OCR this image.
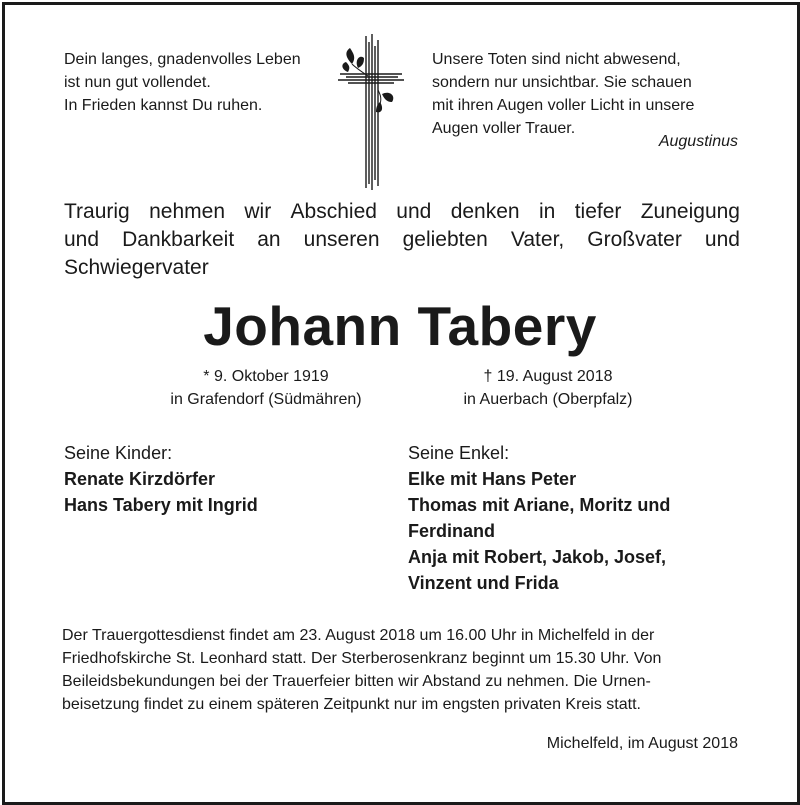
Dein langes, gnadenvolles Leben
ist nun gut vollendet.
In Frieden kannst Du ruhen.
Unsere Toten sind nicht abwesend,
sondern nur unsichtbar. Sie schauen
mit ihren Augen voller Licht in unsere
Augen voller Trauer.
Augustinus
Traurig nehmen wir Abschied und denken in tiefer Zuneigung
und Dankbarkeit an unseren geliebten Vater, Großvater und
Schwiegervater
Johann Tabery
* 9. Oktober 1919
in Grafendorf (Südmähren)
† 19. August 2018
in Auerbach (Oberpfalz)
Seine Kinder:
Renate Kirzdörfer
Hans Tabery mit Ingrid
Seine Enkel:
Elke mit Hans Peter
Thomas mit Ariane, Moritz und
Ferdinand
Anja mit Robert, Jakob, Josef,
Vinzent und Frida
Der Trauergottesdienst findet am 23. August 2018 um 16.00 Uhr in Michelfeld in der
Friedhofskirche St. Leonhard statt. Der Sterberosenkranz beginnt um 15.30 Uhr. Von
Beileidsbekundungen bei der Trauerfeier bitten wir Abstand zu nehmen. Die Urnen-
beisetzung findet zu einem späteren Zeitpunkt nur im engsten privaten Kreis statt.
Michelfeld, im August 2018
